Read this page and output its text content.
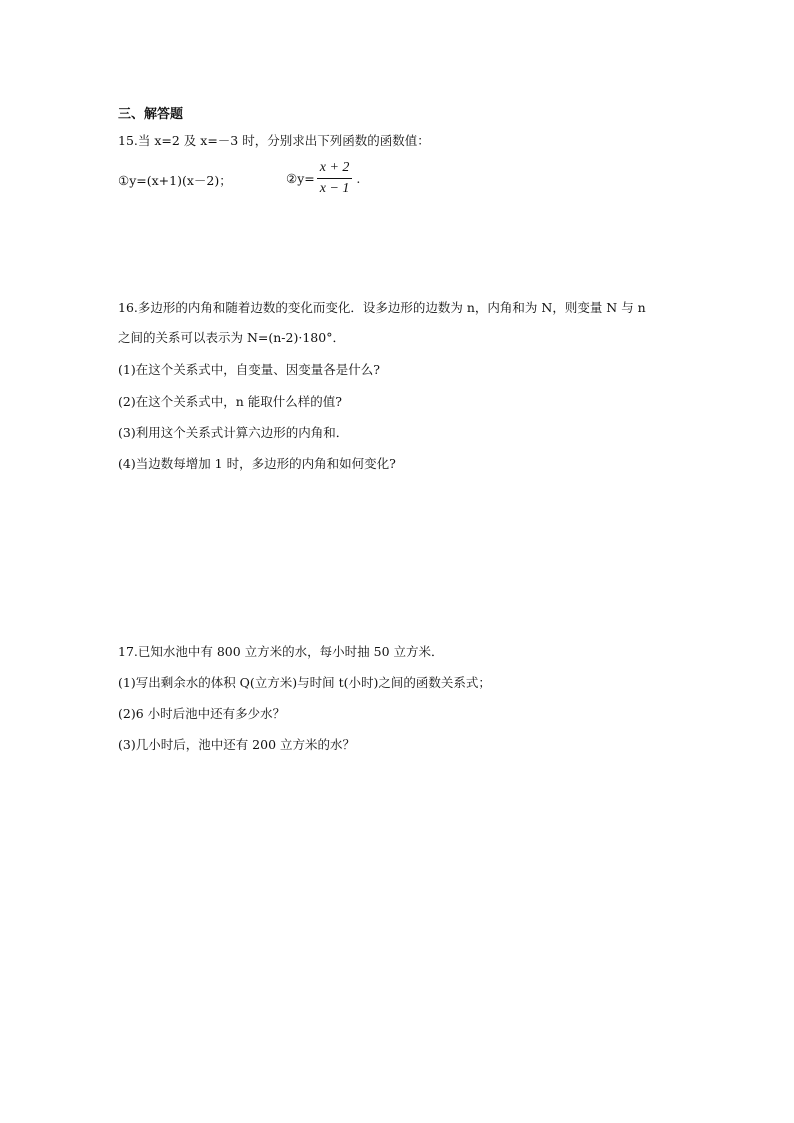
三、解答题
15.当 x=2 及 x=－3 时，分别求出下列函数的函数值：
①y=(x+1)(x－2)；	②y= $\frac{x + 2}{x - 1}$ .
16.多边形的内角和随着边数的变化而变化．设多边形的边数为 n，内角和为 N，则变量 N 与 n
之间的关系可以表示为 N=(n-2)·180°．
(1)在这个关系式中，自变量、因变量各是什么?
(2)在这个关系式中，n 能取什么样的值?
(3)利用这个关系式计算六边形的内角和．
(4)当边数每增加 1 时，多边形的内角和如何变化?
17.已知水池中有 800 立方米的水，每小时抽 50 立方米．
(1)写出剩余水的体积 Q(立方米)与时间 t(小时)之间的函数关系式；
(2)6 小时后池中还有多少水？
(3)几小时后，池中还有 200 立方米的水？
